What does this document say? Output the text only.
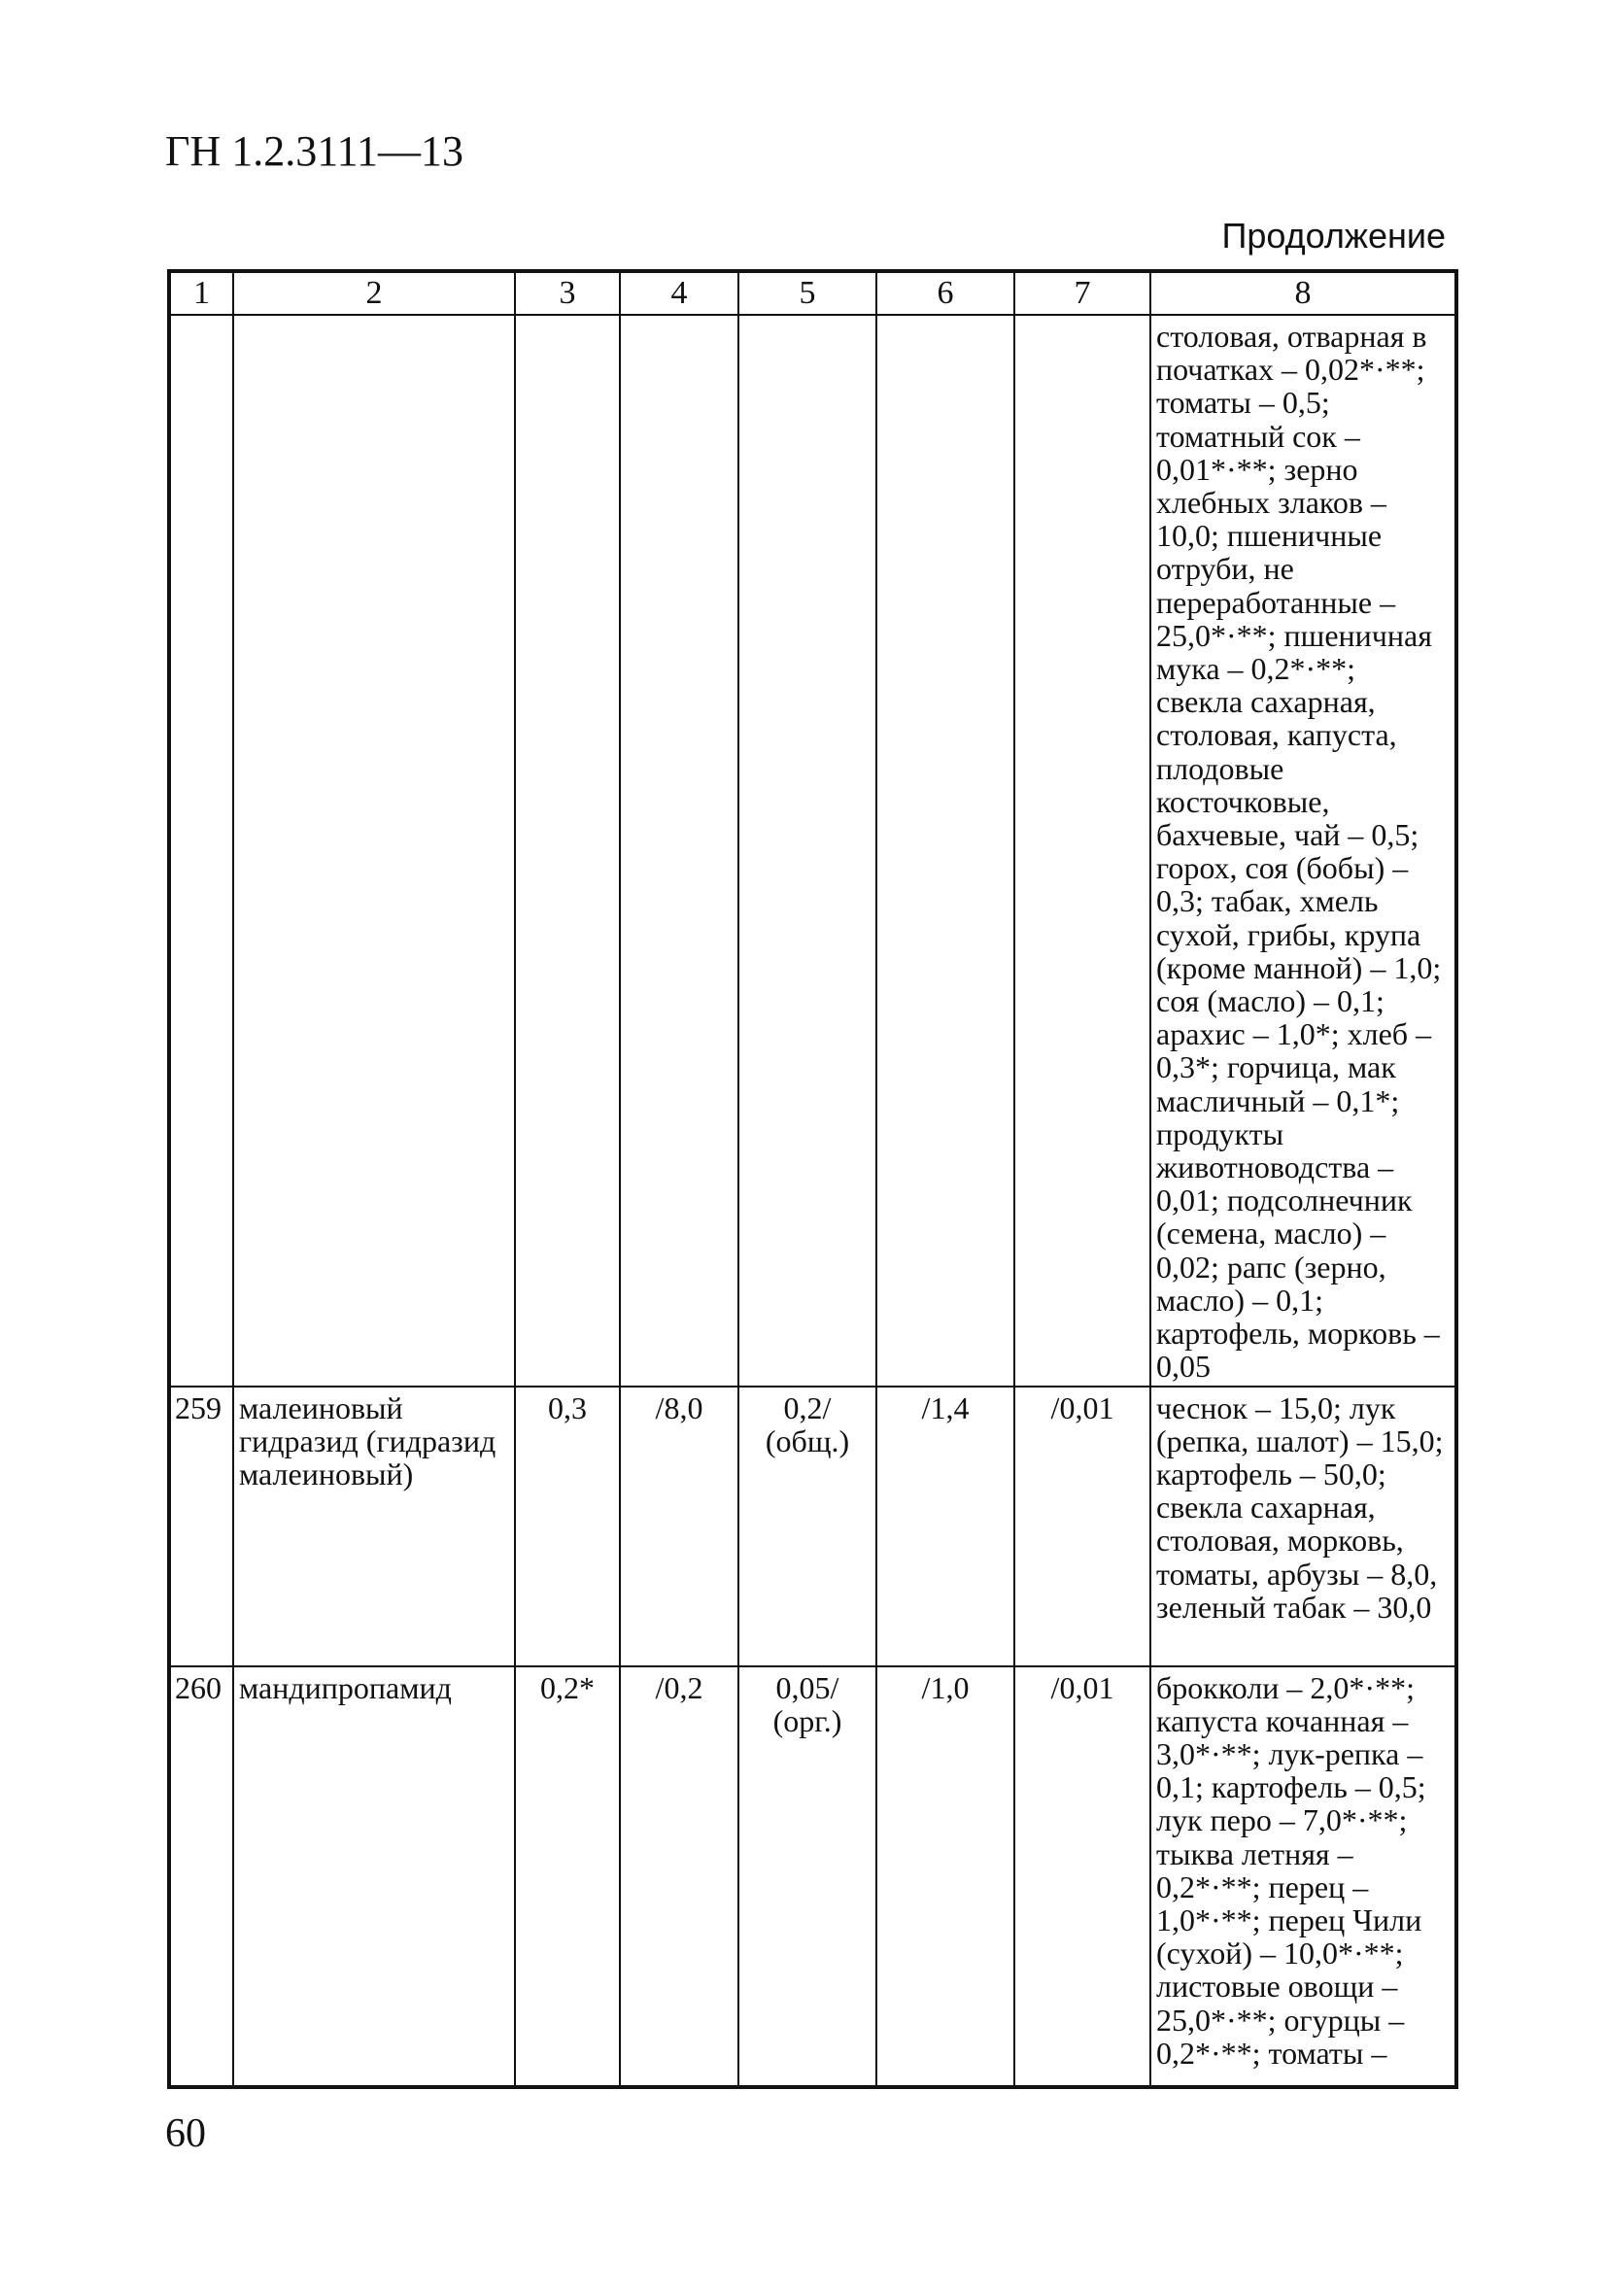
ГН 1.2.3111—13
Продолжение
1	2	3	4	5	6	7	8
							столовая, отварная в початках – 0,02*·**; томаты – 0,5; томатный сок – 0,01*·**; зерно хлебных злаков – 10,0; пшеничные отруби, не переработанные – 25,0*·**; пшеничная мука – 0,2*·**; свекла сахарная, столовая, капуста, плодовые косточковые, бахчевые, чай – 0,5; горох, соя (бобы) – 0,3; табак, хмель сухой, грибы, крупа (кроме манной) – 1,0; соя (масло) – 0,1; арахис – 1,0*; хлеб – 0,3*; горчица, мак масличный – 0,1*; продукты животноводства – 0,01; подсолнечник (семена, масло) – 0,02; рапс (зерно, масло) – 0,1; картофель, морковь – 0,05
259	малеиновый гидразид (гидразид малеиновый)	0,3	/8,0	0,2/ (общ.)	/1,4	/0,01	чеснок – 15,0; лук (репка, шалот) – 15,0; картофель – 50,0; свекла сахарная, столовая, морковь, томаты, арбузы – 8,0, зеленый табак – 30,0
260	мандипропамид	0,2*	/0,2	0,05/ (орг.)	/1,0	/0,01	брокколи – 2,0*·**; капуста кочанная – 3,0*·**; лук-репка – 0,1; картофель – 0,5; лук перо – 7,0*·**; тыква летняя – 0,2*·**; перец – 1,0*·**; перец Чили (сухой) – 10,0*·**; листовые овощи – 25,0*·**; огурцы – 0,2*·**; томаты –
60
